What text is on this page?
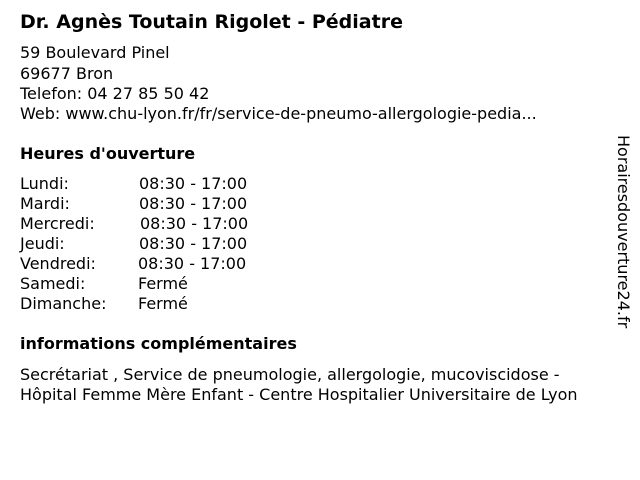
Dr. Agnès Toutain Rigolet - Pédiatre
59 Boulevard Pinel
69677 Bron
Telefon: 04 27 85 50 42
Web: www.chu-lyon.fr/fr/service-de-pneumo-allergologie-pedia...
Heures d'ouverture
Lundi:	08:30 - 17:00
Mardi:	08:30 - 17:00
Mercredi:	08:30 - 17:00
Jeudi:	08:30 - 17:00
Vendredi:	08:30 - 17:00
Samedi:	Fermé
Dimanche: Fermé
informations complémentaires
Secrétariat , Service de pneumologie, allergologie, mucoviscidose -
Hôpital Femme Mère Enfant - Centre Hospitalier Universitaire de Lyon
Horairesdouverture24.fr
